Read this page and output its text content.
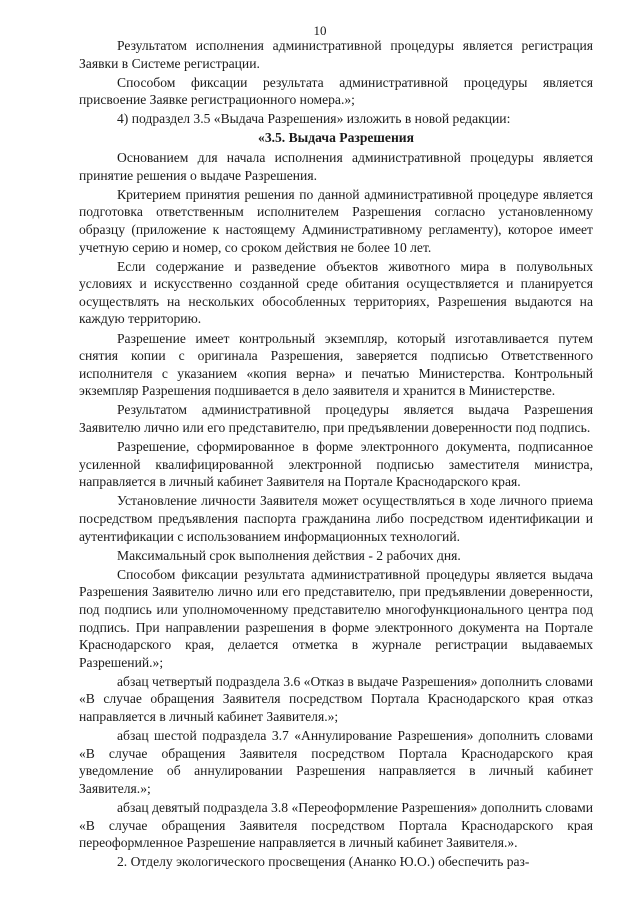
10

Результатом исполнения административной процедуры является регистрация Заявки в Системе регистрации.

Способом фиксации результата административной процедуры является присвоение Заявке регистрационного номера.»;

4) подраздел 3.5 «Выдача Разрешения» изложить в новой редакции:

«3.5. Выдача Разрешения

Основанием для начала исполнения административной процедуры является принятие решения о выдаче Разрешения.

Критерием принятия решения по данной административной процедуре является подготовка ответственным исполнителем Разрешения согласно установленному образцу (приложение к настоящему Административному регламенту), которое имеет учетную серию и номер, со сроком действия не более 10 лет.

Если содержание и разведение объектов животного мира в полувольных условиях и искусственно созданной среде обитания осуществляется и планируется осуществлять на нескольких обособленных территориях, Разрешения выдаются на каждую территорию.

Разрешение имеет контрольный экземпляр, который изготавливается путем снятия копии с оригинала Разрешения, заверяется подписью Ответственного исполнителя с указанием «копия верна» и печатью Министерства. Контрольный экземпляр Разрешения подшивается в дело заявителя и хранится в Министерстве.

Результатом административной процедуры является выдача Разрешения Заявителю лично или его представителю, при предъявлении доверенности под подпись.

Разрешение, сформированное в форме электронного документа, подписанное усиленной квалифицированной электронной подписью заместителя министра, направляется в личный кабинет Заявителя на Портале Краснодарского края.

Установление личности Заявителя может осуществляться в ходе личного приема посредством предъявления паспорта гражданина либо посредством идентификации и аутентификации с использованием информационных технологий.

Максимальный срок выполнения действия - 2 рабочих дня.

Способом фиксации результата административной процедуры является выдача Разрешения Заявителю лично или его представителю, при предъявлении доверенности, под подпись или уполномоченному представителю многофункционального центра под подпись. При направлении разрешения в форме электронного документа на Портале Краснодарского края, делается отметка в журнале регистрации выдаваемых Разрешений.»;

абзац четвертый подраздела 3.6 «Отказ в выдаче Разрешения» дополнить словами «В случае обращения Заявителя посредством Портала Краснодарского края отказ направляется в личный кабинет Заявителя.»;

абзац шестой подраздела 3.7 «Аннулирование Разрешения» дополнить словами «В случае обращения Заявителя посредством Портала Краснодарского края уведомление об аннулировании Разрешения направляется в личный кабинет Заявителя.»;

абзац девятый подраздела 3.8 «Переоформление Разрешения» дополнить словами «В случае обращения Заявителя посредством Портала Краснодарского края переоформленное Разрешение направляется в личный кабинет Заявителя.».

2. Отделу экологического просвещения (Ананко Ю.О.) обеспечить раз-
